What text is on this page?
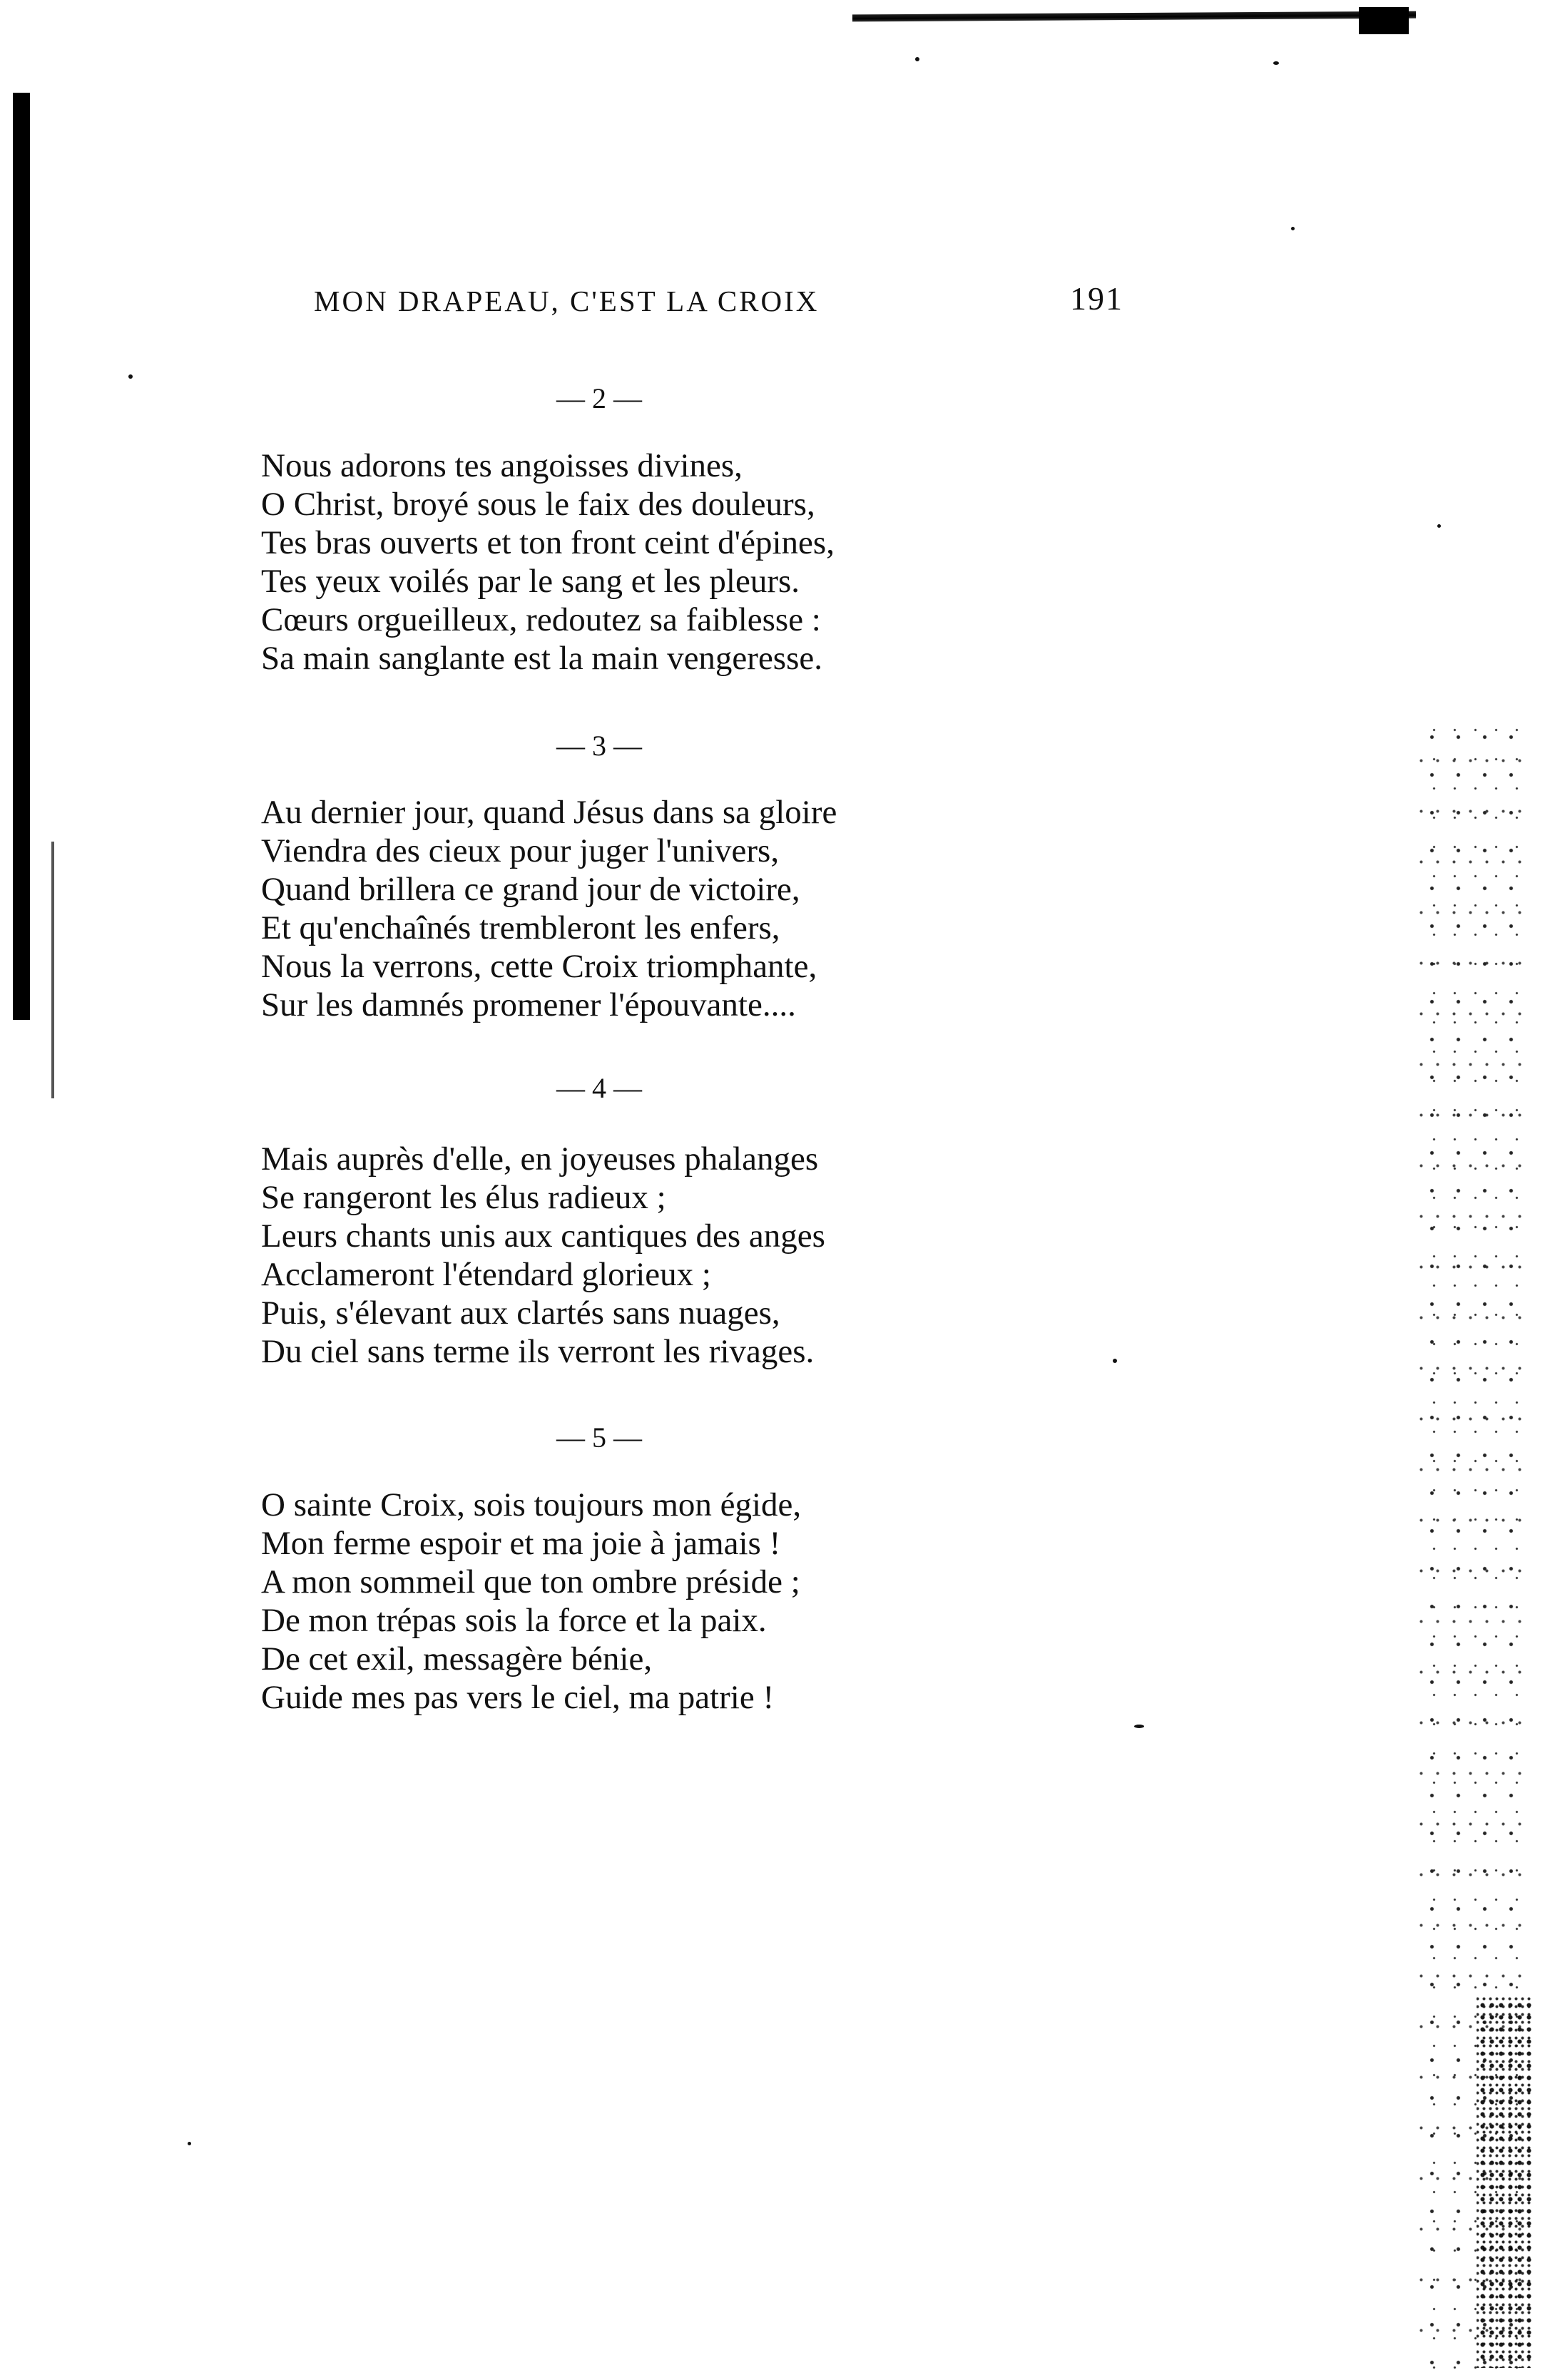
MON DRAPEAU, C'EST LA CROIX	191
— 2 —
Nous adorons tes angoisses divines,
O Christ, broyé sous le faix des douleurs,
Tes bras ouverts et ton front ceint d'épines,
Tes yeux voilés par le sang et les pleurs.
Cœurs orgueilleux, redoutez sa faiblesse :
Sa main sanglante est la main vengeresse.
— 3 —
Au dernier jour, quand Jésus dans sa gloire
Viendra des cieux pour juger l'univers,
Quand brillera ce grand jour de victoire,
Et qu'enchaînés trembleront les enfers,
Nous la verrons, cette Croix triomphante,
Sur les damnés promener l'épouvante....
— 4 —
Mais auprès d'elle, en joyeuses phalanges
Se rangeront les élus radieux ;
Leurs chants unis aux cantiques des anges
Acclameront l'étendard glorieux ;
Puis, s'élevant aux clartés sans nuages,
Du ciel sans terme ils verront les rivages.
— 5 —
O sainte Croix, sois toujours mon égide,
Mon ferme espoir et ma joie à jamais !
A mon sommeil que ton ombre préside ;
De mon trépas sois la force et la paix.
De cet exil, messagère bénie,
Guide mes pas vers le ciel, ma patrie !
